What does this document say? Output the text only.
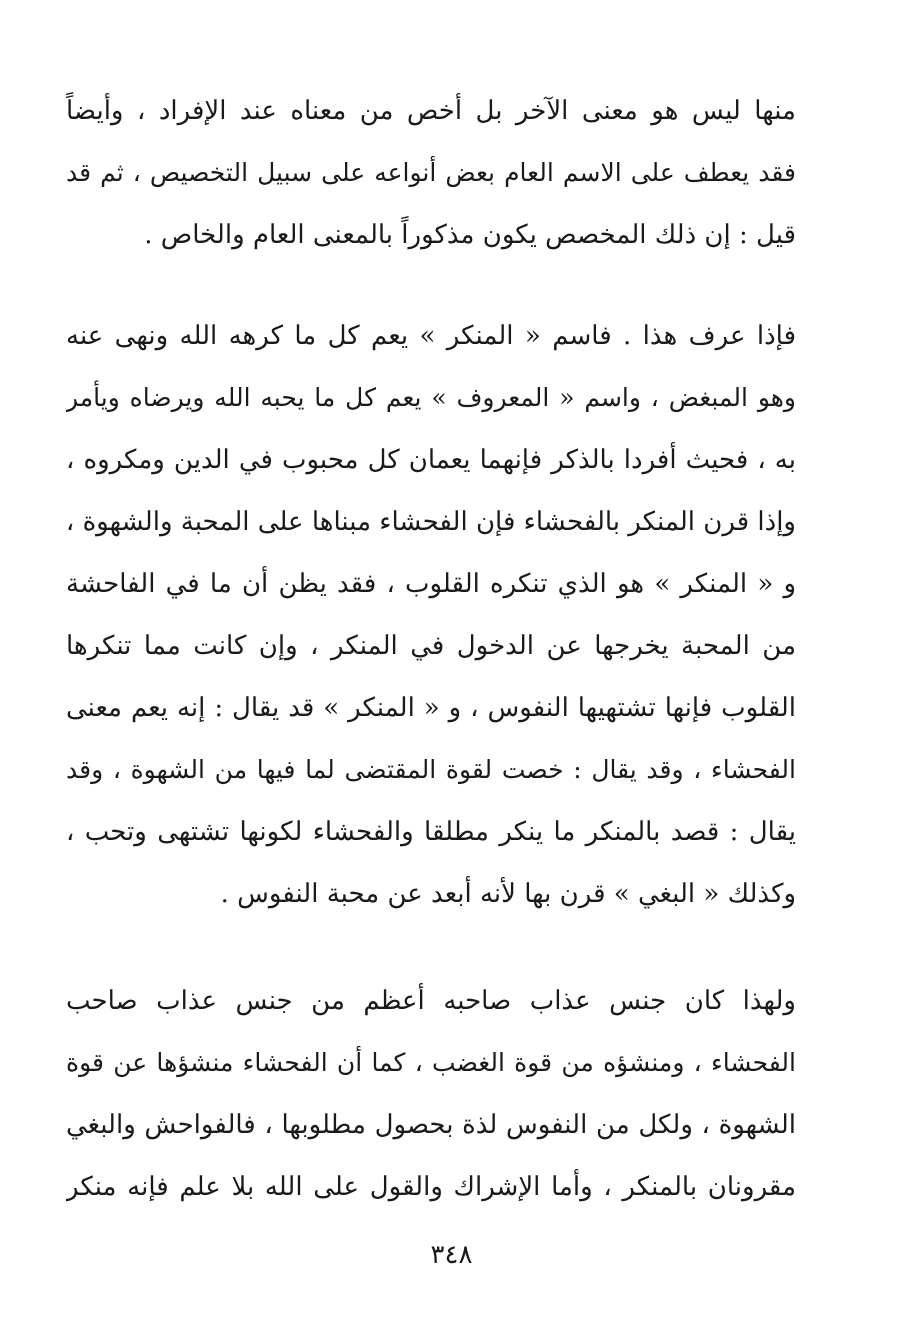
منها ليس هو معنى الآخر بل أخص من معناه عند الإفراد ، وأيضاً
فقد يعطف على الاسم العام بعض أنواعه على سبيل التخصيص ، ثم قد
قيل : إن ذلك المخصص يكون مذكوراً بالمعنى العام والخاص .
فإذا عرف هذا . فاسم « المنكر » يعم كل ما كرهه الله ونهى عنه
وهو المبغض ، واسم « المعروف » يعم كل ما يحبه الله ويرضاه ويأمر
به ، فحيث أفردا بالذكر فإنهما يعمان كل محبوب في الدين ومكروه ،
وإذا قرن المنكر بالفحشاء فإن الفحشاء مبناها على المحبة والشهوة ،
و « المنكر » هو الذي تنكره القلوب ، فقد يظن أن ما في الفاحشة
من المحبة يخرجها عن الدخول في المنكر ، وإن كانت مما تنكرها
القلوب فإنها تشتهيها النفوس ، و « المنكر » قد يقال : إنه يعم معنى
الفحشاء ، وقد يقال : خصت لقوة المقتضى لما فيها من الشهوة ، وقد
يقال : قصد بالمنكر ما ينكر مطلقا والفحشاء لكونها تشتهى وتحب ،
وكذلك « البغي » قرن بها لأنه أبعد عن محبة النفوس .
ولهذا كان جنس عذاب صاحبه أعظم من جنس عذاب صاحب
الفحشاء ، ومنشؤه من قوة الغضب ، كما أن الفحشاء منشؤها عن قوة
الشهوة ، ولكل من النفوس لذة بحصول مطلوبها ، فالفواحش والبغي
مقرونان بالمنكر ، وأما الإشراك والقول على الله بلا علم فإنه منكر
٣٤٨
